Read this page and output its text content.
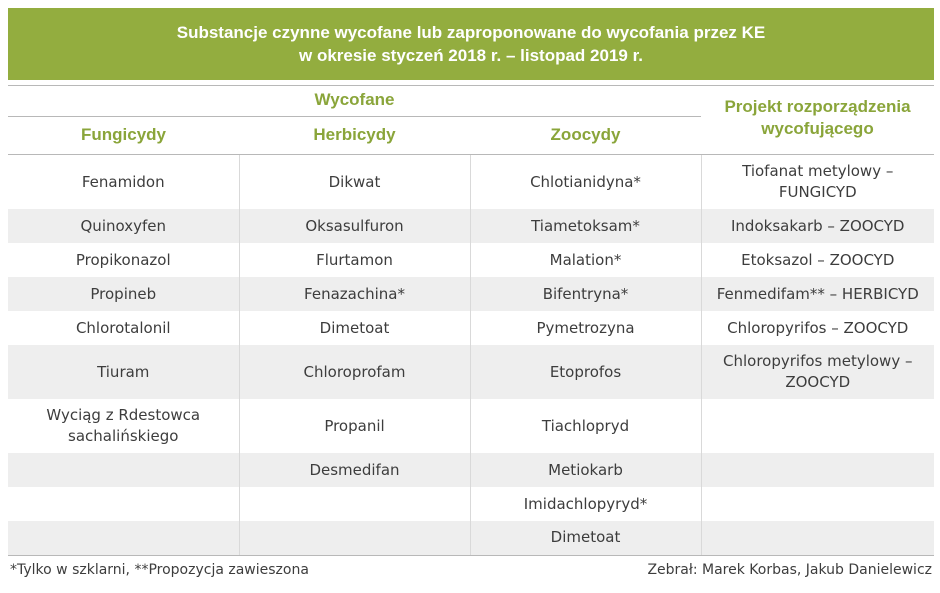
Substancje czynne wycofane lub zaproponowane do wycofania przez KE
w okresie styczeń 2018 r. – listopad 2019 r.
Wycofane
Fungicydy	Herbicydy	Zoocydy
Projekt rozporządzenia
wycofującego
Fenamidon	Dikwat	Chlotianidyna*	Tiofanat metylowy – FUNGICYD
Quinoxyfen	Oksasulfuron	Tiametoksam*	Indoksakarb – ZOOCYD
Propikonazol	Flurtamon	Malation*	Etoksazol – ZOOCYD
Propineb	Fenazachina*	Bifentryna*	Fenmedifam** – HERBICYD
Chlorotalonil	Dimetoat	Pymetrozyna	Chloropyrifos – ZOOCYD
Tiuram	Chloroprofam	Etoprofos	Chloropyrifos metylowy – ZOOCYD
Wyciąg z Rdestowca sachalińskiego	Propanil	Tiachlopryd	
	Desmedifan	Metiokarb	
		Imidachlopyryd*	
		Dimetoat	
*Tylko w szklarni, **Propozycja zawieszona	Zebrał: Marek Korbas, Jakub Danielewicz
